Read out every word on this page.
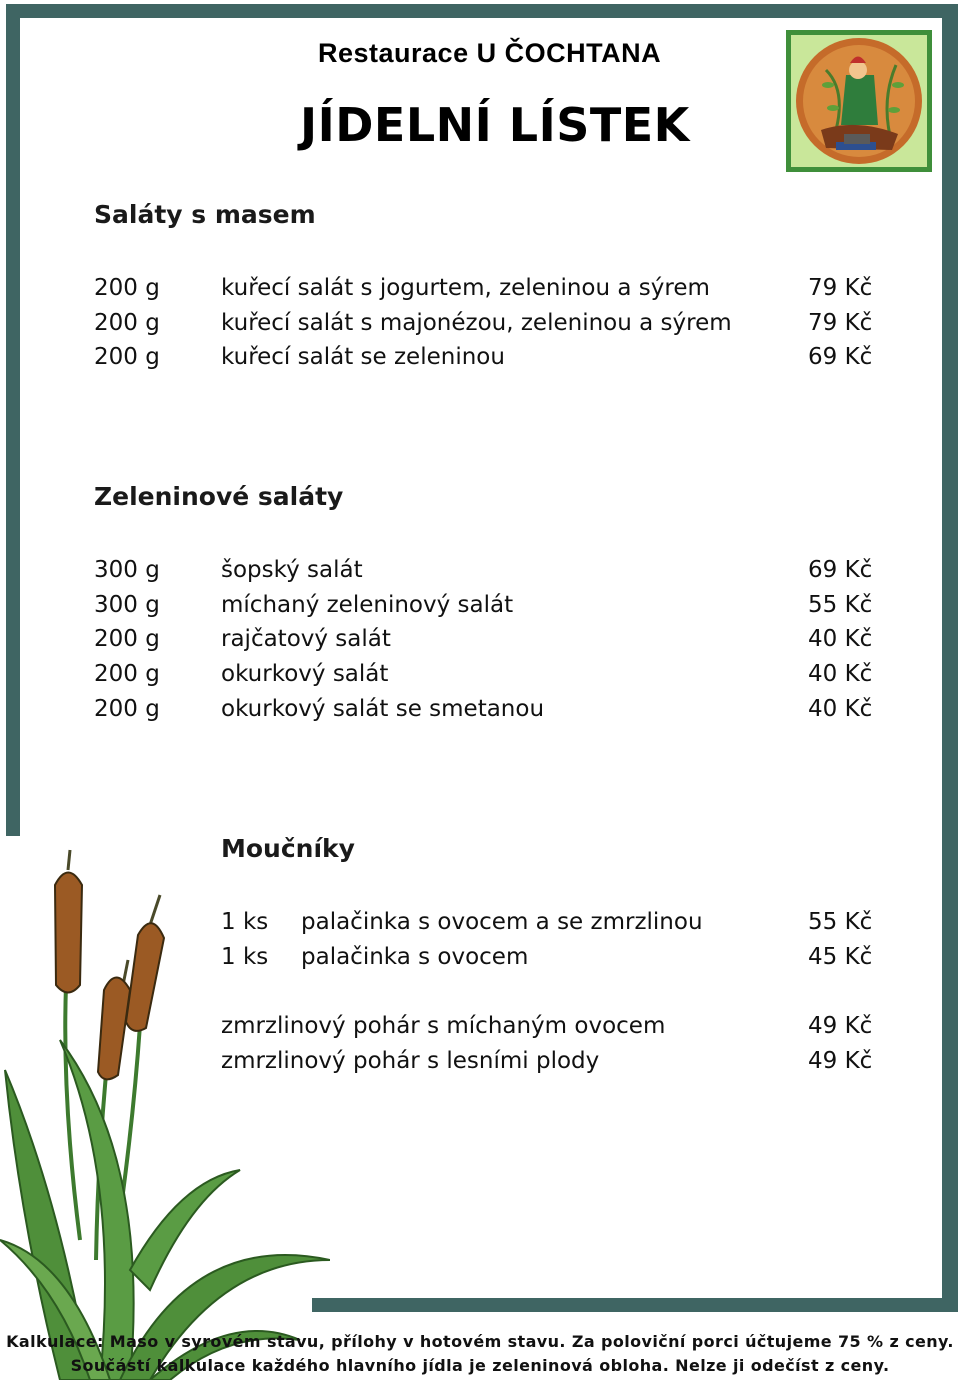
Restaurace U ČOCHTANA
JÍDELNÍ LÍSTEK
Saláty s masem
200 g	kuřecí salát s jogurtem, zeleninou a sýrem	79 Kč
200 g	kuřecí salát s majonézou, zeleninou a sýrem	79 Kč
200 g	kuřecí salát se zeleninou	69 Kč
Zeleninové saláty
300 g	šopský salát	69 Kč
300 g	míchaný zeleninový salát	55 Kč
200 g	rajčatový salát	40 Kč
200 g	okurkový salát	40 Kč
200 g	okurkový salát se smetanou	40 Kč
Moučníky
1 ks palačinka s ovocem a se zmrzlinou	55 Kč
1 ks palačinka s ovocem	45 Kč
zmrzlinový pohár s míchaným ovocem	49 Kč
zmrzlinový pohár s lesními plody	49 Kč
Kalkulace: Maso v syrovém stavu, přílohy v hotovém stavu. Za poloviční porci účtujeme 75 % z ceny.
Součástí kalkulace každého hlavního jídla je zeleninová obloha. Nelze ji odečíst z ceny.
